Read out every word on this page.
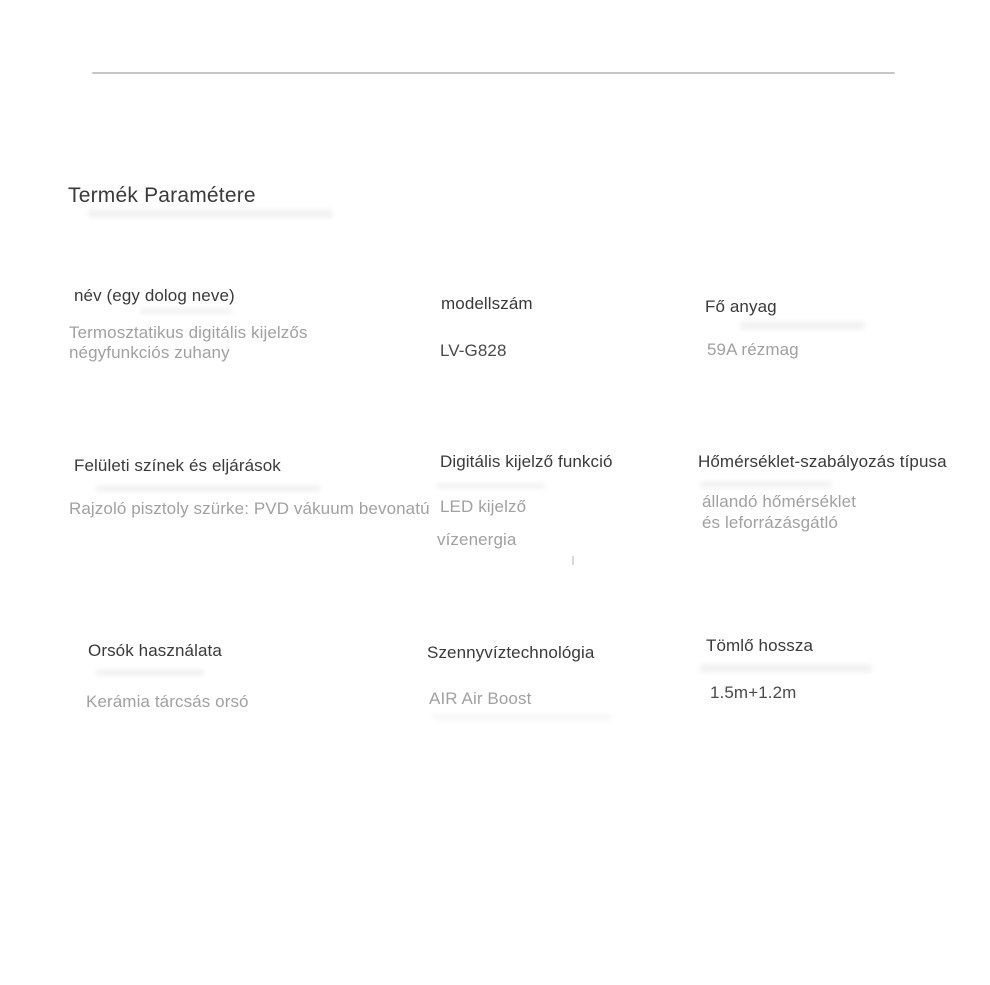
Termék Paramétere
név (egy dolog neve)
Termosztatikus digitális kijelzős
négyfunkciós zuhany
modellszám
LV-G828
Fő anyag
59A rézmag
Felületi színek és eljárások
Rajzoló pisztoly szürke: PVD vákuum bevonatú
Digitális kijelző funkció
LED kijelző
vízenergia
Hőmérséklet-szabályozás típusa
állandó hőmérséklet
és leforrázásgátló
Orsók használata
Kerámia tárcsás orsó
Szennyvíztechnológia
AIR Air Boost
Tömlő hossza
1.5m+1.2m
